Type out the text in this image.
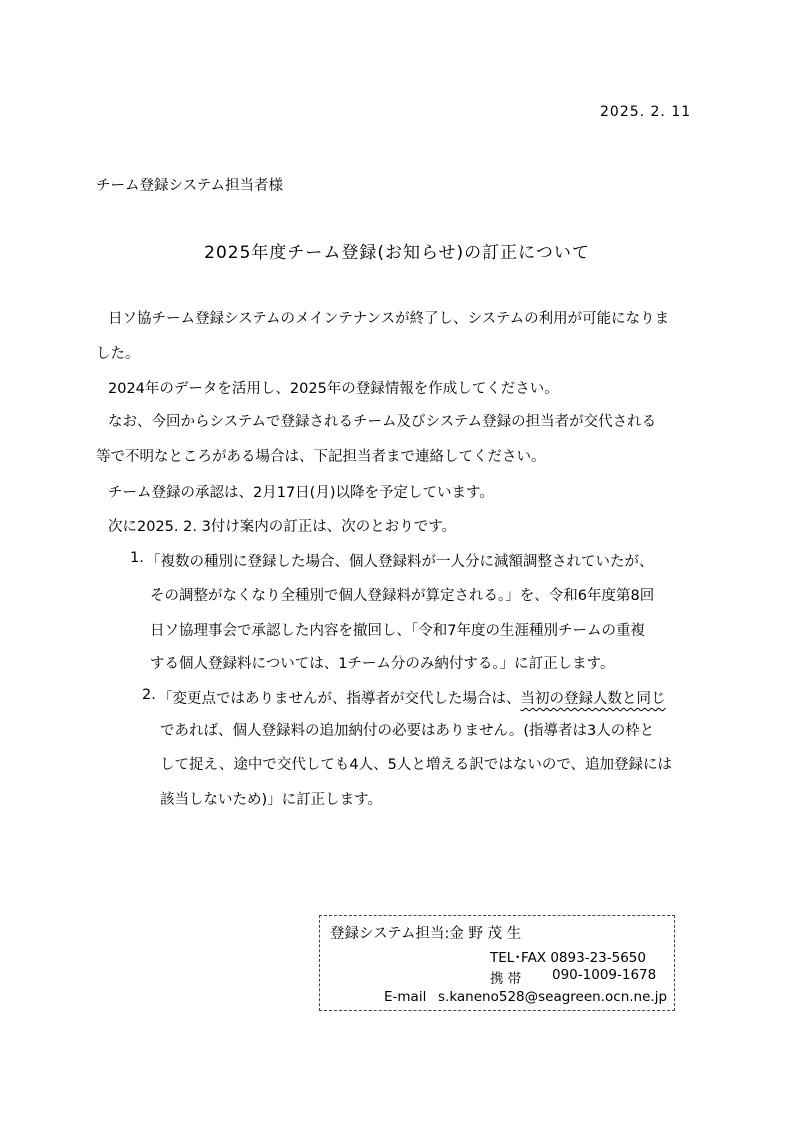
2025. 2. 11
チーム登録システム担当者様
2025年度チーム登録(お知らせ)の訂正について
日ソ協チーム登録システムのメインテナンスが終了し、システムの利用が可能になりま
した。
2024年のデータを活用し、2025年の登録情報を作成してください。
なお、今回からシステムで登録されるチーム及びシステム登録の担当者が交代される
等で不明なところがある場合は、下記担当者まで連絡してください。
チーム登録の承認は、2月17日(月)以降を予定しています。
次に2025. 2. 3付け案内の訂正は、次のとおりです。
1. 「複数の種別に登録した場合、個人登録料が一人分に減額調整されていたが、
その調整がなくなり全種別で個人登録料が算定される。」を、令和6年度第8回
日ソ協理事会で承認した内容を撤回し、「令和7年度の生涯種別チームの重複
する個人登録料については、1チーム分のみ納付する。」に訂正します。
2. 「変更点ではありませんが、指導者が交代した場合は、当初の登録人数と同じ
であれば、個人登録料の追加納付の必要はありません。(指導者は3人の枠と
して捉え、途中で交代しても4人、5人と増える訳ではないので、追加登録には
該当しないため)」に訂正します。
登録システム担当:金 野 茂 生
TEL･FAX 0893-23-5650
携 帯 090-1009-1678
E-mail s.kaneno528@seagreen.ocn.ne.jp
